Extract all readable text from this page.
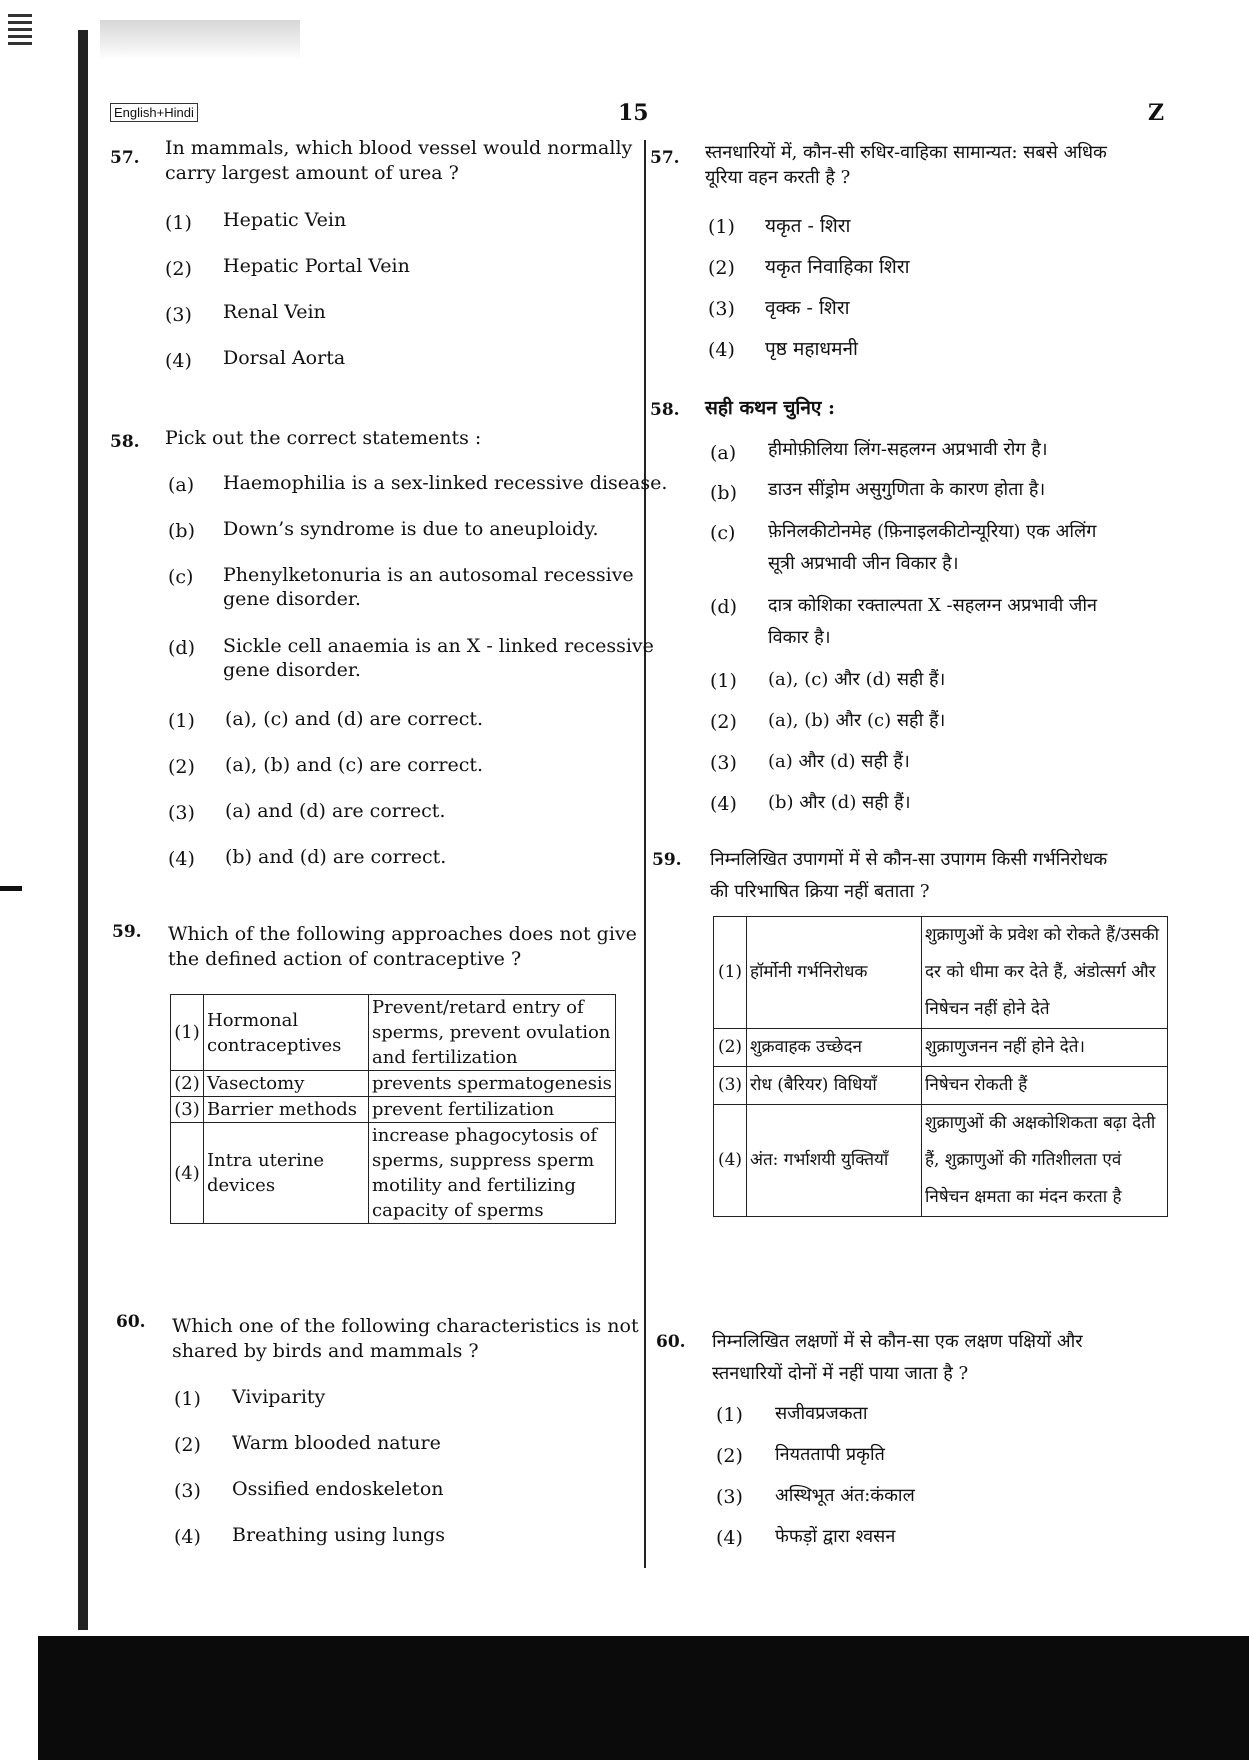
English+Hindi	15	Z
57. In mammals, which blood vessel would normally
carry largest amount of urea ?
(1) Hepatic Vein
(2) Hepatic Portal Vein
(3) Renal Vein
(4) Dorsal Aorta
58. Pick out the correct statements :
(a) Haemophilia is a sex-linked recessive disease.
(b) Down’s syndrome is due to aneuploidy.
(c) Phenylketonuria is an autosomal recessive
gene disorder.
(d) Sickle cell anaemia is an X - linked recessive
gene disorder.
(1) (a), (c) and (d) are correct.
(2) (a), (b) and (c) are correct.
(3) (a) and (d) are correct.
(4) (b) and (d) are correct.
59. Which of the following approaches does not give
the defined action of contraceptive ?
(1)	Hormonal contraceptives	Prevent/retard entry of sperms, prevent ovulation and fertilization
(2)	Vasectomy	prevents spermatogenesis
(3)	Barrier methods	prevent fertilization
(4)	Intra uterine devices	increase phagocytosis of sperms, suppress sperm motility and fertilizing capacity of sperms
60. Which one of the following characteristics is not
shared by birds and mammals ?
(1) Viviparity
(2) Warm blooded nature
(3) Ossified endoskeleton
(4) Breathing using lungs
57. स्तनधारियों में, कौन-सी रुधिर-वाहिका सामान्यत: सबसे अधिक
यूरिया वहन करती है ?
(1) यकृत - शिरा
(2) यकृत निवाहिका शिरा
(3) वृक्क - शिरा
(4) पृष्ठ महाधमनी
58. सही कथन चुनिए :
(a) हीमोफ़ीलिया लिंग-सहलग्न अप्रभावी रोग है।
(b) डाउन सींड्रोम असुगुणिता के कारण होता है।
(c) फ़ेनिलकीटोनमेह (फ़िनाइलकीटोन्यूरिया) एक अलिंग
सूत्री अप्रभावी जीन विकार है।
(d) दात्र कोशिका रक्ताल्पता X -सहलग्न अप्रभावी जीन
विकार है।
(1) (a), (c) और (d) सही हैं।
(2) (a), (b) और (c) सही हैं।
(3) (a) और (d) सही हैं।
(4) (b) और (d) सही हैं।
59. निम्नलिखित उपागमों में से कौन-सा उपागम किसी गर्भनिरोधक
की परिभाषित क्रिया नहीं बताता ?
(1)	हॉर्मोनी गर्भनिरोधक	शुक्राणुओं के प्रवेश को रोकते हैं/उसकी दर को धीमा कर देते हैं, अंडोत्सर्ग और निषेचन नहीं होने देते
(2)	शुक्रवाहक उच्छेदन	शुक्राणुजनन नहीं होने देते।
(3)	रोध (बैरियर) विधियाँ	निषेचन रोकती हैं
(4)	अंत: गर्भाशयी युक्तियाँ	शुक्राणुओं की अक्षकोशिकता बढ़ा देती हैं, शुक्राणुओं की गतिशीलता एवं निषेचन क्षमता का मंदन करता है
60. निम्नलिखित लक्षणों में से कौन-सा एक लक्षण पक्षियों और
स्तनधारियों दोनों में नहीं पाया जाता है ?
(1) सजीवप्रजकता
(2) नियततापी प्रकृति
(3) अस्थिभूत अंत:कंकाल
(4) फेफड़ों द्वारा श्वसन
